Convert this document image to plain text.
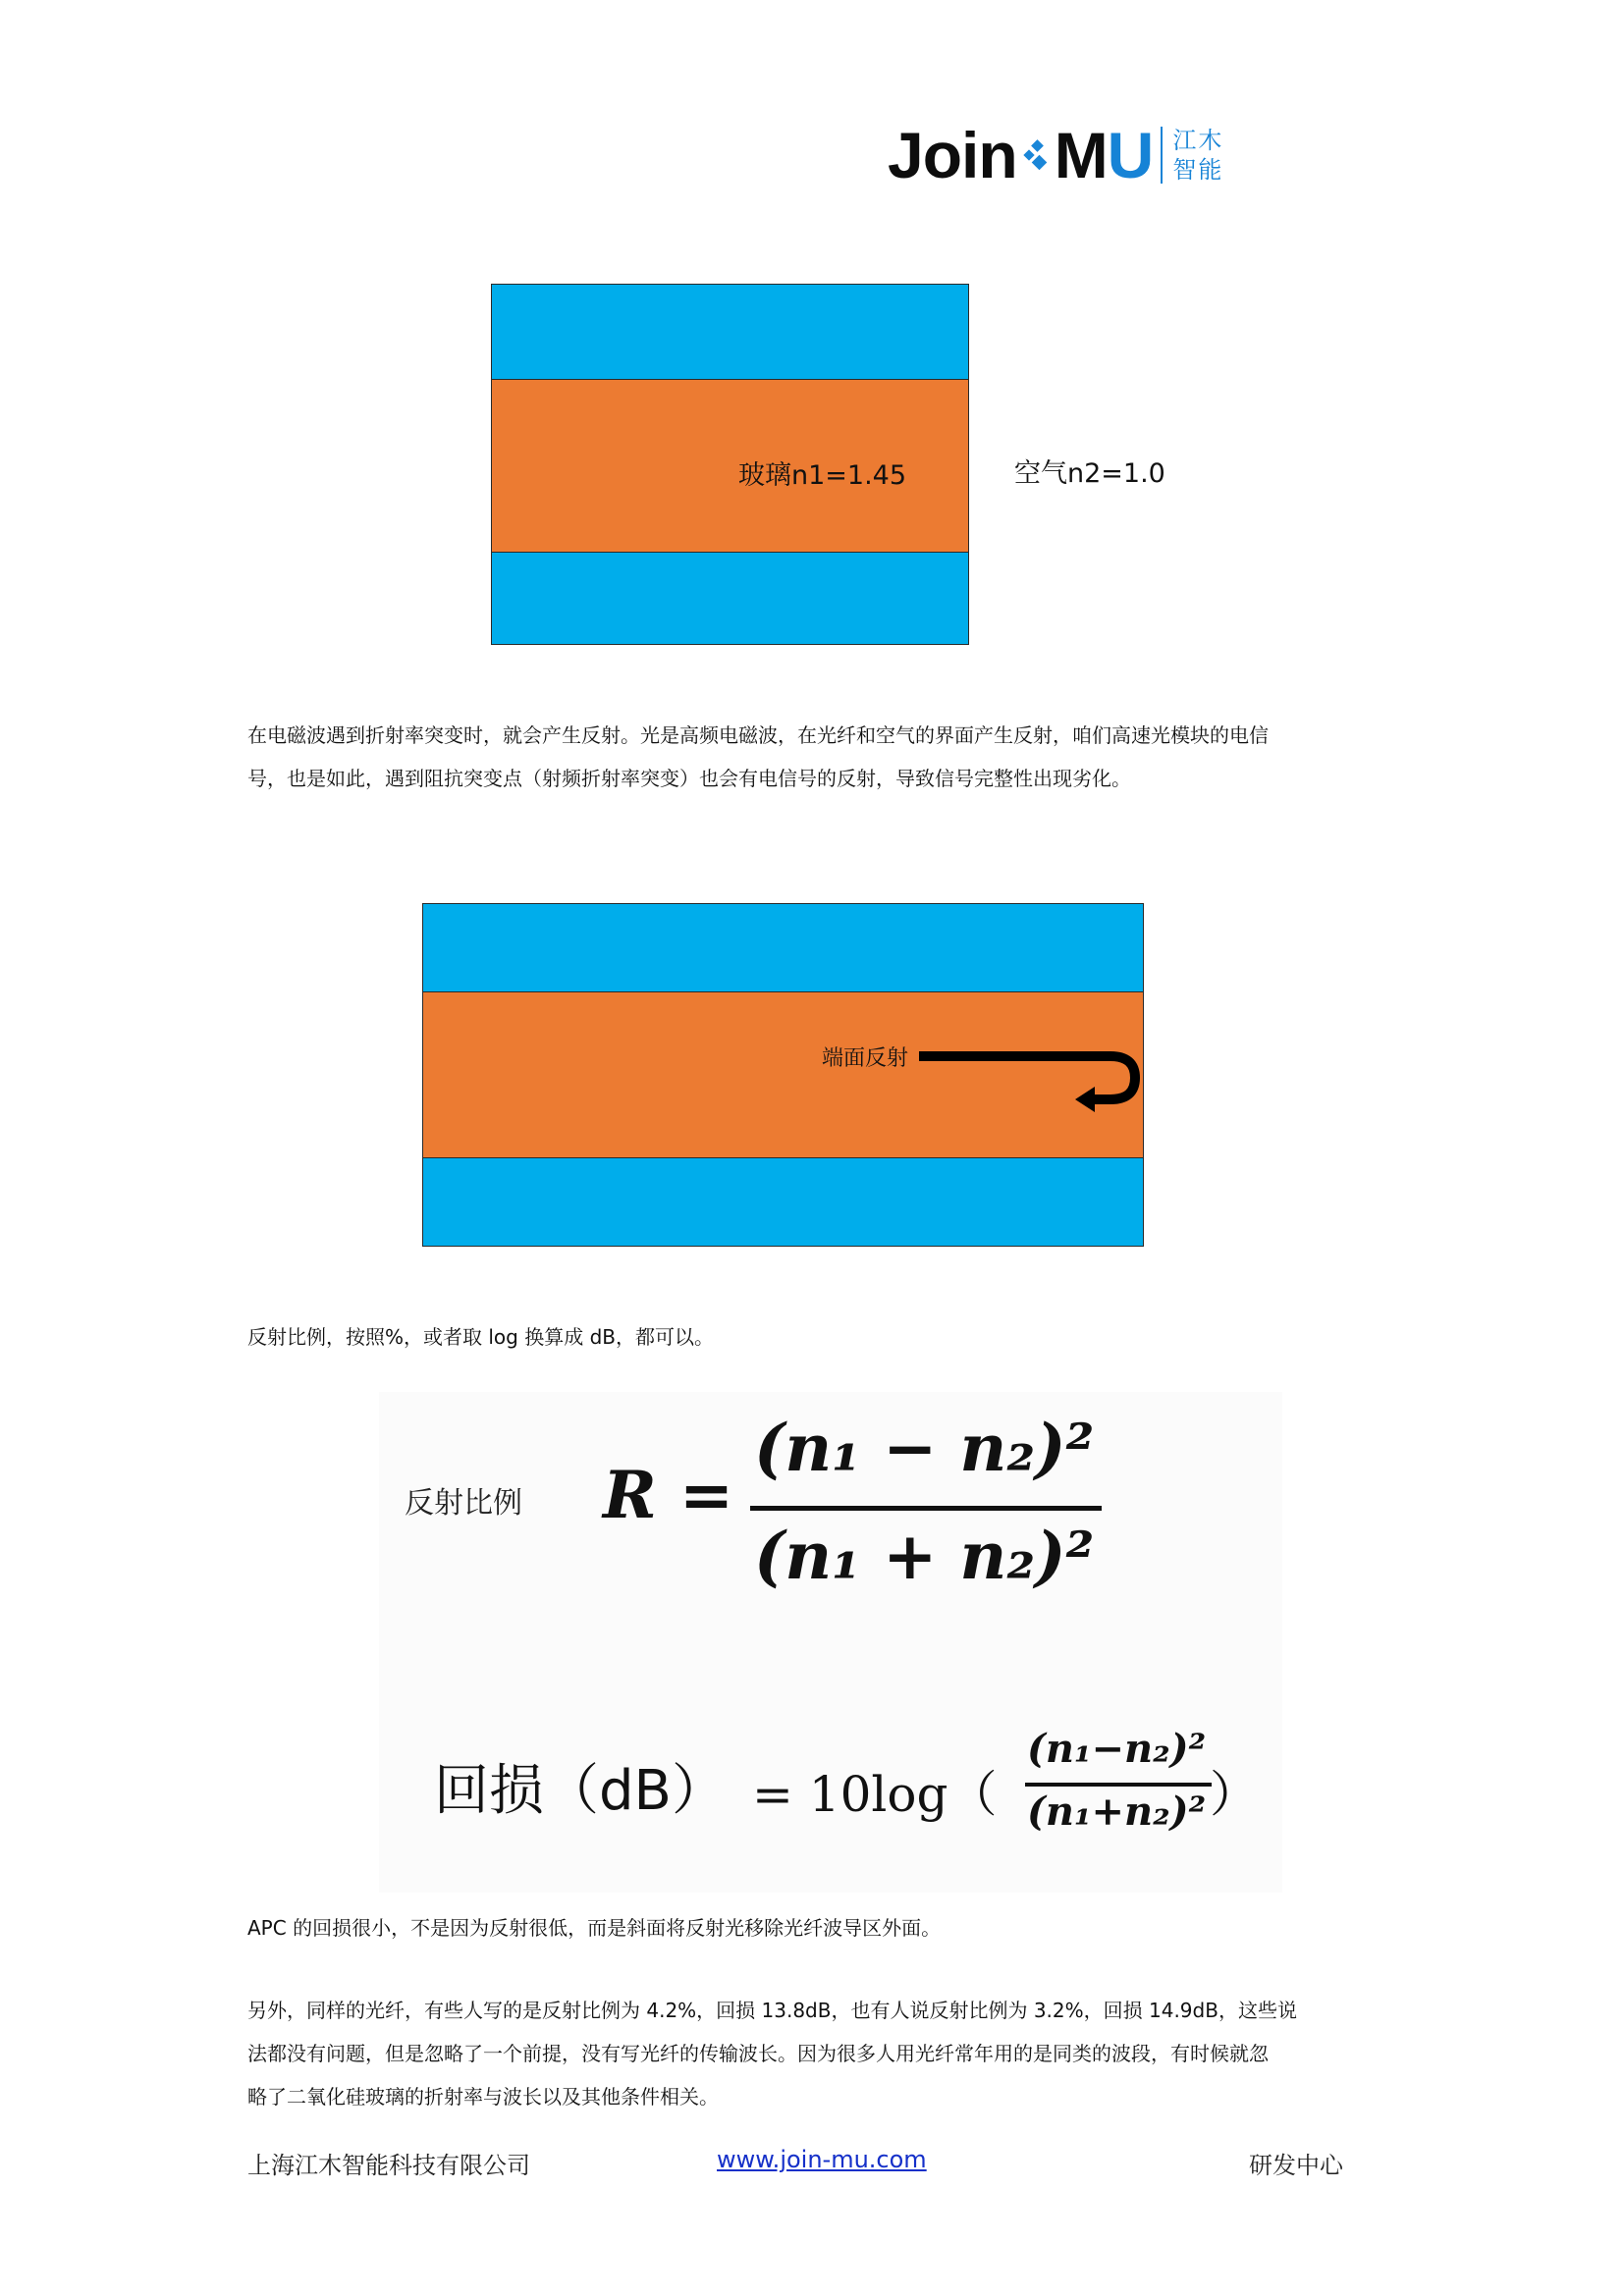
Join M U 江木
智能
玻璃n1=1.45	空气n2=1.0
在电磁波遇到折射率突变时，就会产生反射。光是高频电磁波，在光纤和空气的界面产生反射，咱们高速光模块的电信
号，也是如此，遇到阻抗突变点（射频折射率突变）也会有电信号的反射，导致信号完整性出现劣化。
端面反射
反射比例，按照%，或者取 log 换算成 dB，都可以。
反射比例 R =
(n₁ − n₂)²
(n₁ + n₂)²
回损（dB） = 10log（
(n₁−n₂)²
(n₁+n₂)² ）
APC 的回损很小，不是因为反射很低，而是斜面将反射光移除光纤波导区外面。
另外，同样的光纤，有些人写的是反射比例为 4.2%，回损 13.8dB，也有人说反射比例为 3.2%，回损 14.9dB，这些说
法都没有问题，但是忽略了一个前提，没有写光纤的传输波长。因为很多人用光纤常年用的是同类的波段，有时候就忽
略了二氧化硅玻璃的折射率与波长以及其他条件相关。
上海江木智能科技有限公司	www.join-mu.com	研发中心
